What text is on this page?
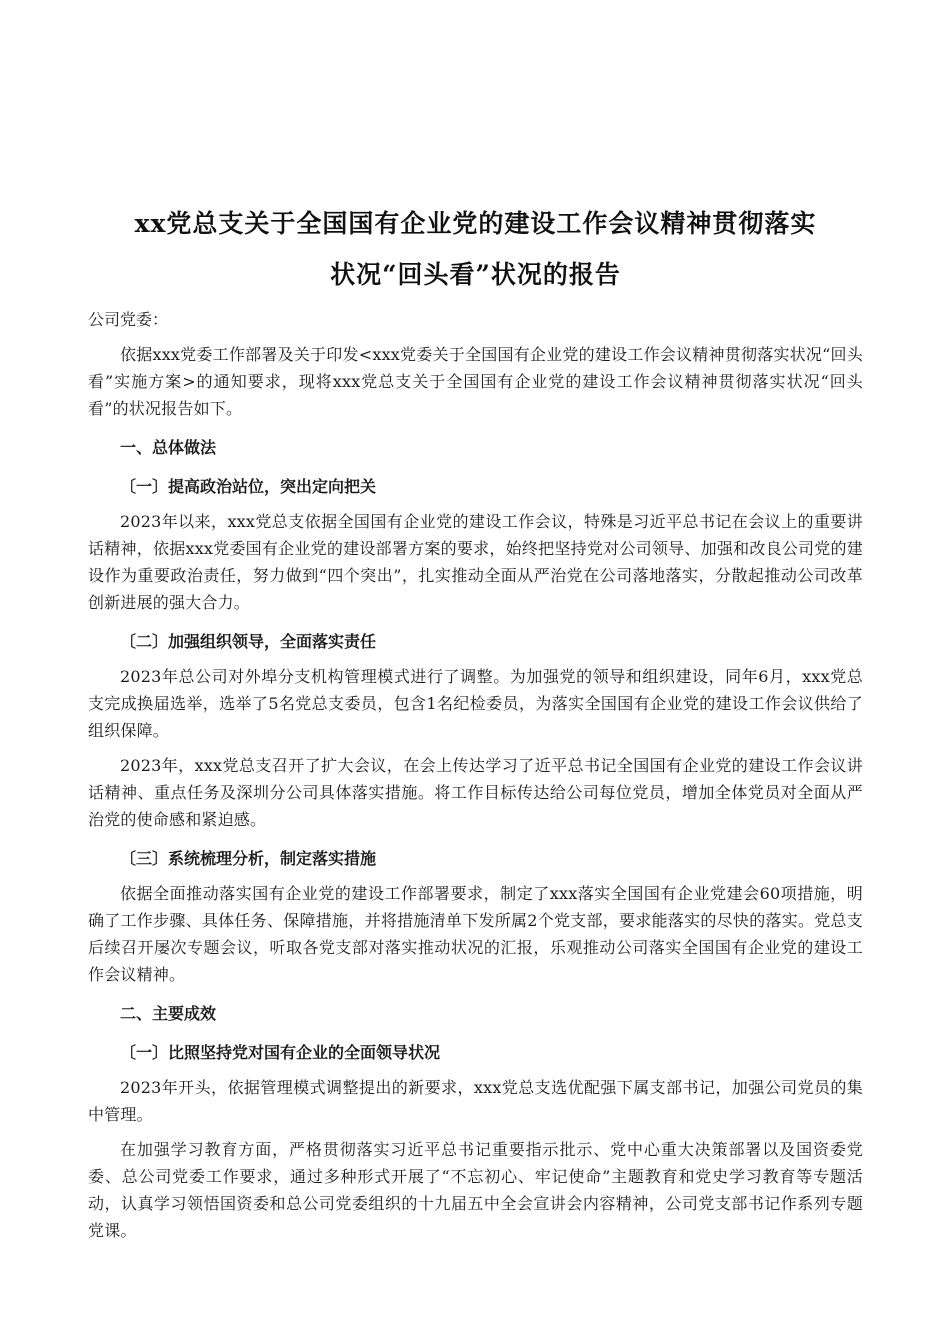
xx党总支关于全国国有企业党的建设工作会议精神贯彻落实
状况“回头看”状况的报告
公司党委：

依据xxx党委工作部署及关于印发<xxx党委关于全国国有企业党的建设工作会议精神贯彻落实状况“回头看”实施方案>的通知要求，现将xxx党总支关于全国国有企业党的建设工作会议精神贯彻落实状况“回头看”的状况报告如下。

一、总体做法
〔一〕提高政治站位，突出定向把关

2023年以来，xxx党总支依据全国国有企业党的建设工作会议，特殊是习近平总书记在会议上的重要讲话精神，依据xxx党委国有企业党的建设部署方案的要求，始终把坚持党对公司领导、加强和改良公司党的建设作为重要政治责任，努力做到“四个突出”，扎实推动全面从严治党在公司落地落实，分散起推动公司改革创新进展的强大合力。

〔二〕加强组织领导，全面落实责任

2023年总公司对外埠分支机构管理模式进行了调整。为加强党的领导和组织建设，同年6月，xxx党总支完成换届选举，选举了5名党总支委员，包含1名纪检委员，为落实全国国有企业党的建设工作会议供给了组织保障。

2023年，xxx党总支召开了扩大会议，在会上传达学习了近平总书记全国国有企业党的建设工作会议讲话精神、重点任务及深圳分公司具体落实措施。将工作目标传达给公司每位党员，增加全体党员对全面从严治党的使命感和紧迫感。

〔三〕系统梳理分析，制定落实措施

依据全面推动落实国有企业党的建设工作部署要求，制定了xxx落实全国国有企业党建会60项措施，明确了工作步骤、具体任务、保障措施，并将措施清单下发所属2个党支部，要求能落实的尽快的落实。党总支后续召开屡次专题会议，听取各党支部对落实推动状况的汇报，乐观推动公司落实全国国有企业党的建设工作会议精神。

二、主要成效
〔一〕比照坚持党对国有企业的全面领导状况

2023年开头，依据管理模式调整提出的新要求，xxx党总支选优配强下属支部书记，加强公司党员的集中管理。

在加强学习教育方面，严格贯彻落实习近平总书记重要指示批示、党中心重大决策部署以及国资委党委、总公司党委工作要求，通过多种形式开展了“不忘初心、牢记使命”主题教育和党史学习教育等专题活动，认真学习领悟国资委和总公司党委组织的十九届五中全会宣讲会内容精神，公司党支部书记作系列专题党课。
